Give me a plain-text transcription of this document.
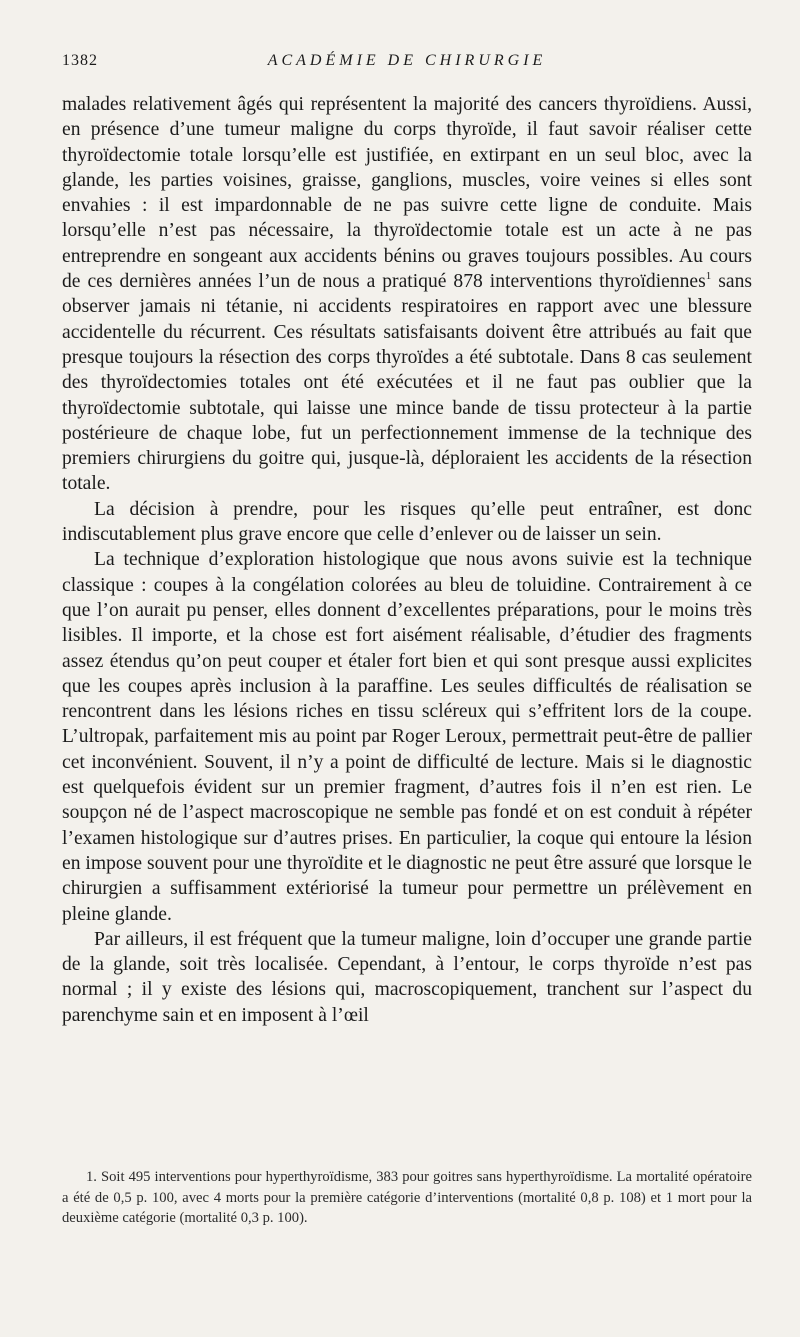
1382	ACADÉMIE DE CHIRURGIE

malades relativement âgés qui représentent la majorité des cancers thyroïdiens. Aussi, en présence d’une tumeur maligne du corps thyroïde, il faut savoir réaliser cette thyroïdectomie totale lorsqu’elle est justifiée, en extirpant en un seul bloc, avec la glande, les parties voisines, graisse, ganglions, muscles, voire veines si elles sont envahies : il est impardonnable de ne pas suivre cette ligne de conduite. Mais lorsqu’elle n’est pas nécessaire, la thyroïdectomie totale est un acte à ne pas entreprendre en songeant aux accidents bénins ou graves toujours possibles. Au cours de ces dernières années l’un de nous a pratiqué 878 interventions thyroïdiennes$^1$ sans observer jamais ni tétanie, ni accidents respiratoires en rapport avec une blessure accidentelle du récurrent. Ces résultats satisfaisants doivent être attribués au fait que presque toujours la résection des corps thyroïdes a été subtotale. Dans 8 cas seulement des thyroïdectomies totales ont été exécutées et il ne faut pas oublier que la thyroïdectomie subtotale, qui laisse une mince bande de tissu protecteur à la partie postérieure de chaque lobe, fut un perfectionnement immense de la technique des premiers chirurgiens du goitre qui, jusque-là, déploraient les accidents de la résection totale.

La décision à prendre, pour les risques qu’elle peut entraîner, est donc indiscutablement plus grave encore que celle d’enlever ou de laisser un sein.

La technique d’exploration histologique que nous avons suivie est la technique classique : coupes à la congélation colorées au bleu de toluidine. Contrairement à ce que l’on aurait pu penser, elles donnent d’excellentes préparations, pour le moins très lisibles. Il importe, et la chose est fort aisément réalisable, d’étudier des fragments assez étendus qu’on peut couper et étaler fort bien et qui sont presque aussi explicites que les coupes après inclusion à la paraffine. Les seules difficultés de réalisation se rencontrent dans les lésions riches en tissu scléreux qui s’effritent lors de la coupe. L’ultropak, parfaitement mis au point par Roger Leroux, permettrait peut-être de pallier cet inconvénient. Souvent, il n’y a point de difficulté de lecture. Mais si le diagnostic est quelquefois évident sur un premier fragment, d’autres fois il n’en est rien. Le soupçon né de l’aspect macroscopique ne semble pas fondé et on est conduit à répéter l’examen histologique sur d’autres prises. En particulier, la coque qui entoure la lésion en impose souvent pour une thyroïdite et le diagnostic ne peut être assuré que lorsque le chirurgien a suffisamment extériorisé la tumeur pour permettre un prélèvement en pleine glande.

Par ailleurs, il est fréquent que la tumeur maligne, loin d’occuper une grande partie de la glande, soit très localisée. Cependant, à l’entour, le corps thyroïde n’est pas normal ; il y existe des lésions qui, macroscopiquement, tranchent sur l’aspect du parenchyme sain et en imposent à l’œil

1. Soit 495 interventions pour hyperthyroïdisme, 383 pour goitres sans hyperthyroïdisme. La mortalité opératoire a été de 0,5 p. 100, avec 4 morts pour la première catégorie d’interventions (mortalité 0,8 p. 108) et 1 mort pour la deuxième catégorie (mortalité 0,3 p. 100).
